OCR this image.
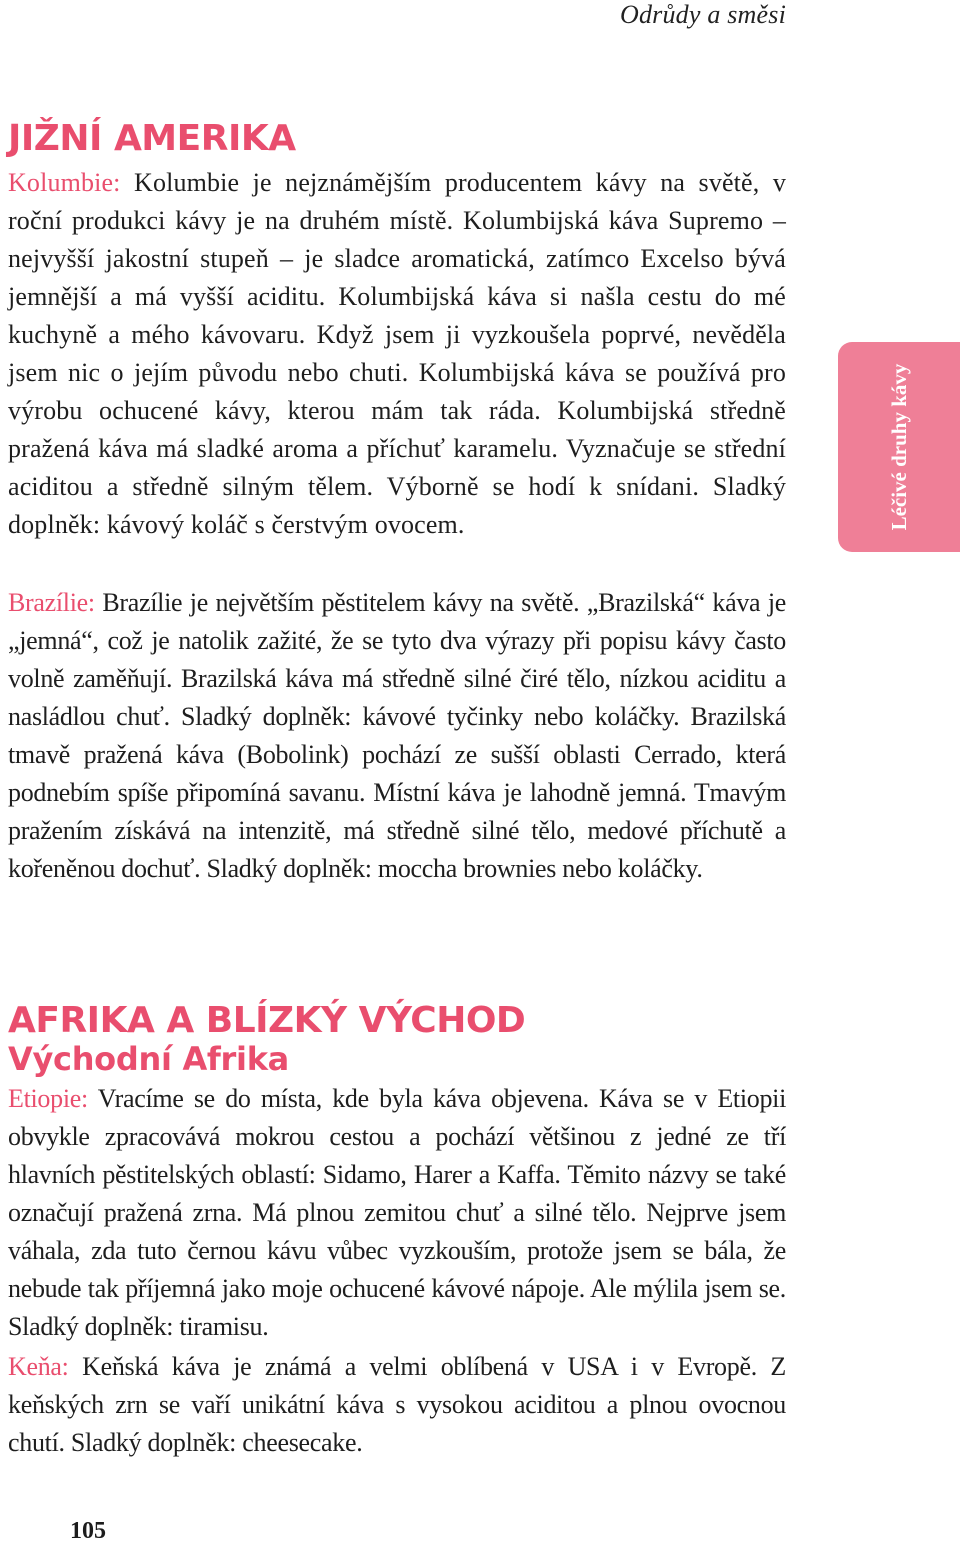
Odrůdy a směsi
JIŽNÍ AMERIKA

Kolumbie: Kolumbie je nejznámějším producentem kávy na světě, v roční produkci kávy je na druhém místě. Kolumbijská káva Supremo – nejvyšší jakostní stupeň – je sladce aromatická, zatímco Excelso bývá jemnější a má vyšší aciditu. Kolumbijská káva si našla cestu do mé kuchyně a mého kávovaru. Když jsem ji vyzkoušela poprvé, nevěděla jsem nic o jejím původu nebo chuti. Kolumbijská káva se používá pro výrobu ochucené kávy, kterou mám tak ráda. Kolumbijská středně pražená káva má sladké aroma a příchuť karamelu. Vyznačuje se střední aciditou a středně silným tělem. Výborně se hodí k snídani. Sladký doplněk: kávový koláč s čerstvým ovocem.

Brazílie: Brazílie je největším pěstitelem kávy na světě. „Brazilská“ káva je „jemná“, což je natolik zažité, že se tyto dva výrazy při popisu kávy často volně zaměňují. Brazilská káva má středně silné čiré tělo, nízkou aciditu a nasládlou chuť. Sladký doplněk: kávové tyčinky nebo koláčky. Brazilská tmavě pražená káva (Bobolink) pochází ze sušší oblasti Cerrado, která podnebím spíše připomíná savanu. Místní káva je lahodně jemná. Tmavým pražením získává na intenzitě, má středně silné tělo, medové příchutě a kořeněnou dochuť. Sladký doplněk: moccha brownies nebo koláčky.

AFRIKA A BLÍZKÝ VÝCHOD
Východní Afrika

Etiopie: Vracíme se do místa, kde byla káva objevena. Káva se v Etiopii obvykle zpracovává mokrou cestou a pochází většinou z jedné ze tří hlavních pěstitelských oblastí: Sidamo, Harer a Kaffa. Těmito názvy se také označují pražená zrna. Má plnou zemitou chuť a silné tělo. Nejprve jsem váhala, zda tuto černou kávu vůbec vyzkouším, protože jsem se bála, že nebude tak příjemná jako moje ochucené kávové nápoje. Ale mýlila jsem se. Sladký doplněk: tiramisu.

Keňa: Keňská káva je známá a velmi oblíbená v USA i v Evropě. Z keňských zrn se vaří unikátní káva s vysokou aciditou a plnou ovocnou chutí. Sladký doplněk: cheesecake.

Léčivé druhy kávy
105
